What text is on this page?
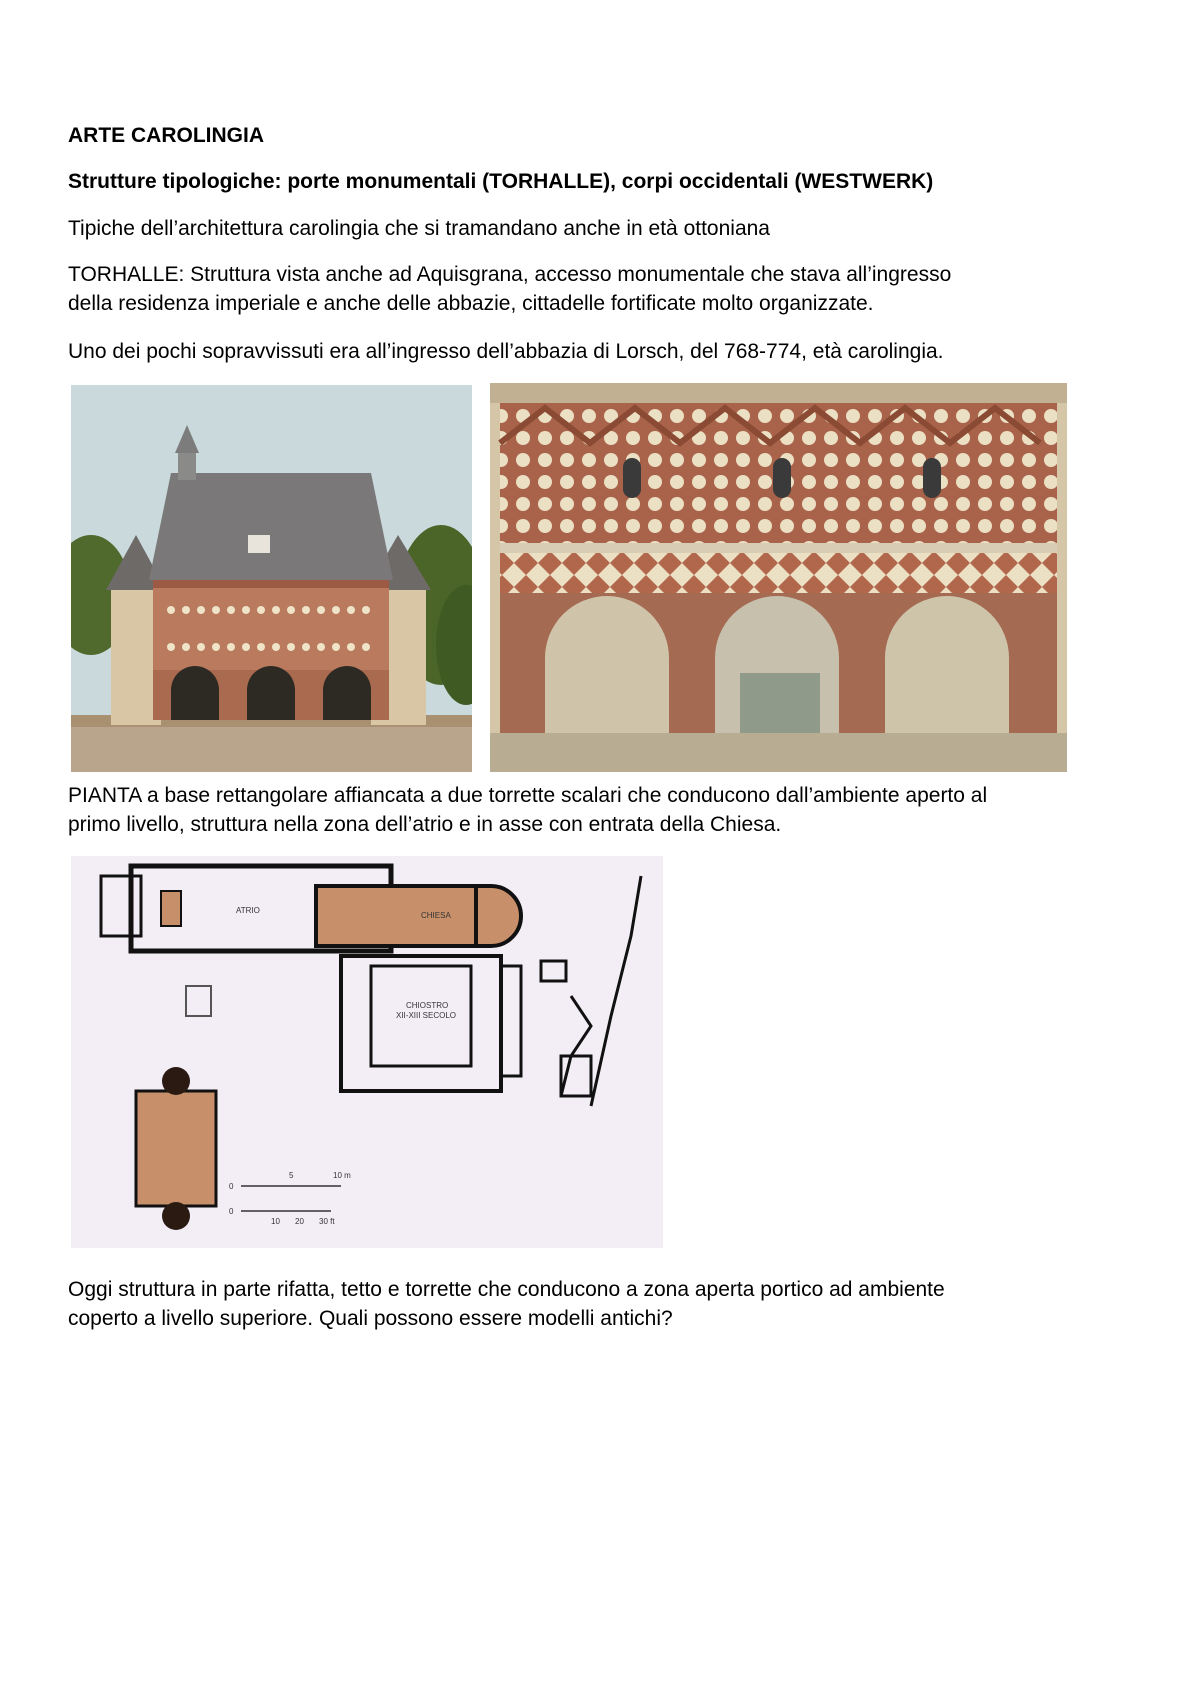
ARTE CAROLINGIA
Strutture tipologiche: porte monumentali (TORHALLE), corpi occidentali (WESTWERK)
Tipiche dell’architettura carolingia che si tramandano anche in età ottoniana
TORHALLE: Struttura vista anche ad Aquisgrana, accesso monumentale che stava all’ingresso
della residenza imperiale e anche delle abbazie, cittadelle fortificate molto organizzate.
Uno dei pochi sopravvissuti era all’ingresso dell’abbazia di Lorsch, del 768-774, età carolingia.
PIANTA a base rettangolare affiancata a due torrette scalari che conducono dall’ambiente aperto al
primo livello, struttura nella zona dell’atrio e in asse con entrata della Chiesa.
ATRIO
CHIESA
CHIOSTRO
XII-XIII SECOLO
0
5	10 m
0
10 20 30 ft
Oggi struttura in parte rifatta, tetto e torrette che conducono a zona aperta portico ad ambiente
coperto a livello superiore. Quali possono essere modelli antichi?
